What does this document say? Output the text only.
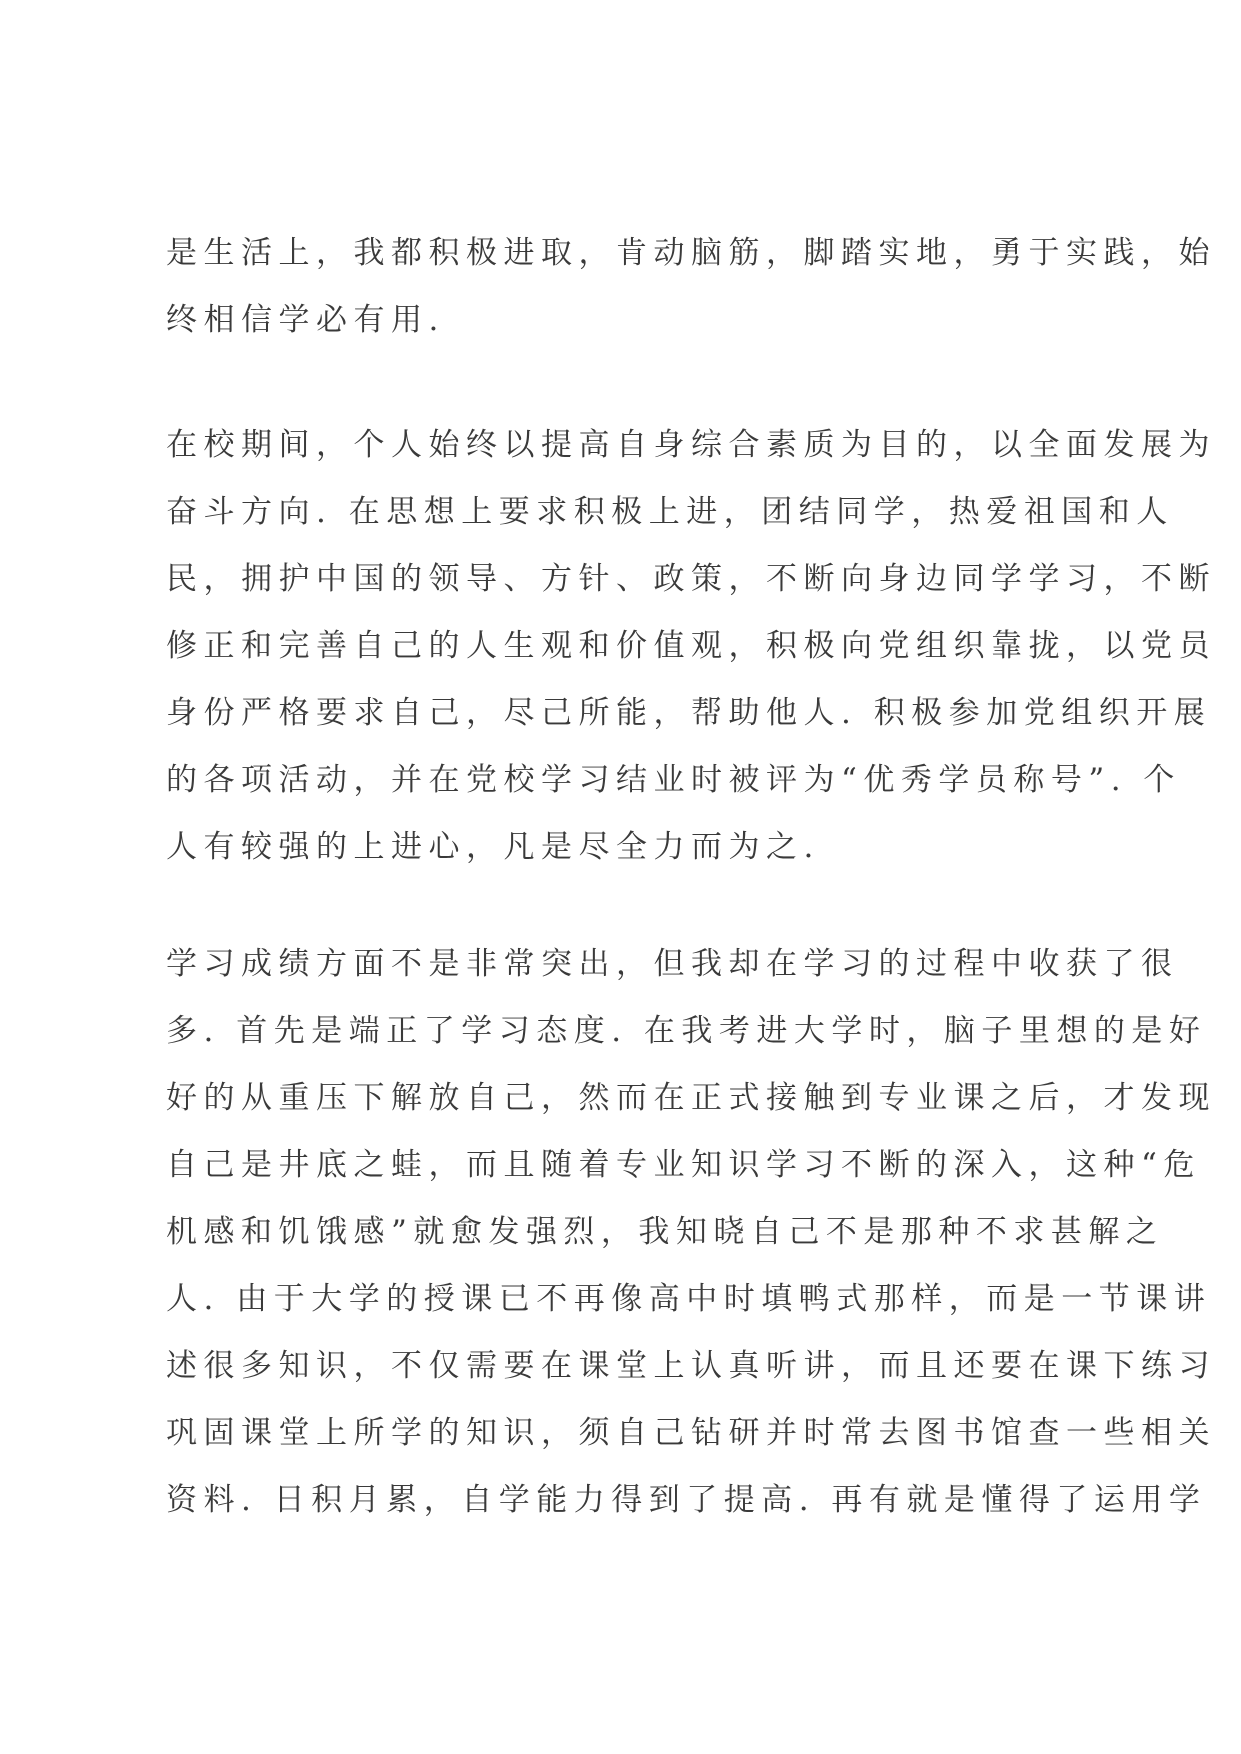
是生活上，我都积极进取，肯动脑筋，脚踏实地，勇于实践，始
终相信学必有用.
在校期间，个人始终以提高自身综合素质为目的，以全面发展为
奋斗方向. 在思想上要求积极上进，团结同学，热爱祖国和人
民，拥护中国的领导、方针、政策，不断向身边同学学习，不断
修正和完善自己的人生观和价值观，积极向党组织靠拢，以党员
身份严格要求自己，尽己所能，帮助他人. 积极参加党组织开展
的各项活动，并在党校学习结业时被评为“优秀学员称号”. 个
人有较强的上进心，凡是尽全力而为之.
学习成绩方面不是非常突出，但我却在学习的过程中收获了很
多. 首先是端正了学习态度. 在我考进大学时，脑子里想的是好
好的从重压下解放自己，然而在正式接触到专业课之后，才发现
自己是井底之蛙，而且随着专业知识学习不断的深入，这种“危
机感和饥饿感”就愈发强烈，我知晓自己不是那种不求甚解之
人. 由于大学的授课已不再像高中时填鸭式那样，而是一节课讲
述很多知识，不仅需要在课堂上认真听讲，而且还要在课下练习
巩固课堂上所学的知识，须自己钻研并时常去图书馆查一些相关
资料. 日积月累，自学能力得到了提高. 再有就是懂得了运用学
